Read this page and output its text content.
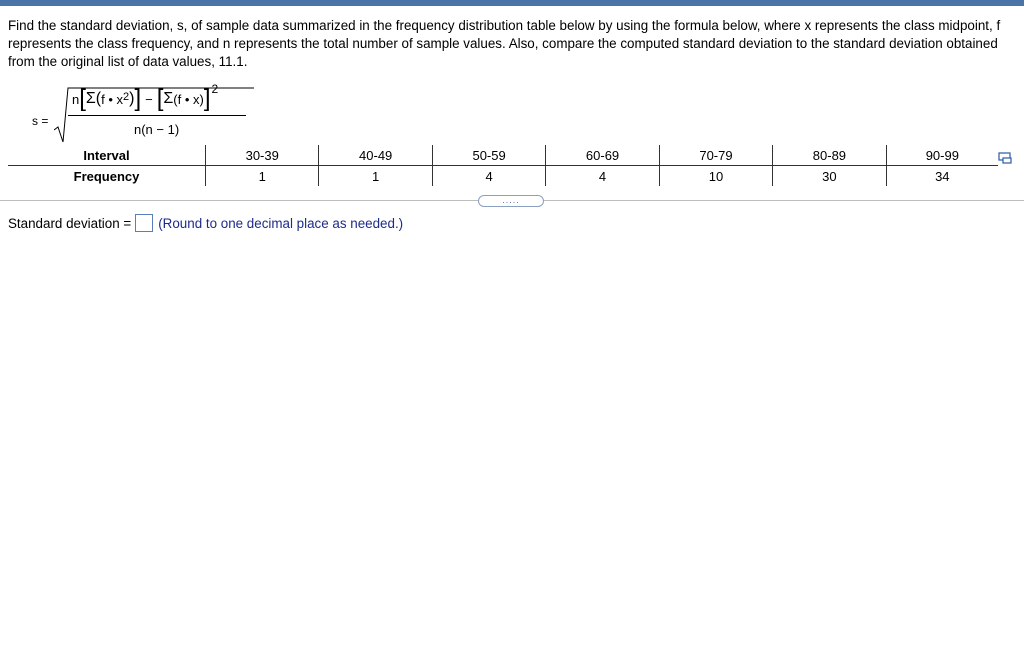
Find the standard deviation, s, of sample data summarized in the frequency distribution table below by using the formula below, where x represents the class midpoint, f represents the class frequency, and n represents the total number of sample values. Also, compare the computed standard deviation to the standard deviation obtained from the original list of data values, 11.1.
s =
n [ Σ ( f • $x^2$ ) ] − [ Σ ( f • x ) ] 2
n(n − 1)
Interval	30-39	40-49	50-59	60-69	70-79	80-89	90-99
Frequency	1	1	4	4	10	30	34
.....
Standard deviation = (Round to one decimal place as needed.)
